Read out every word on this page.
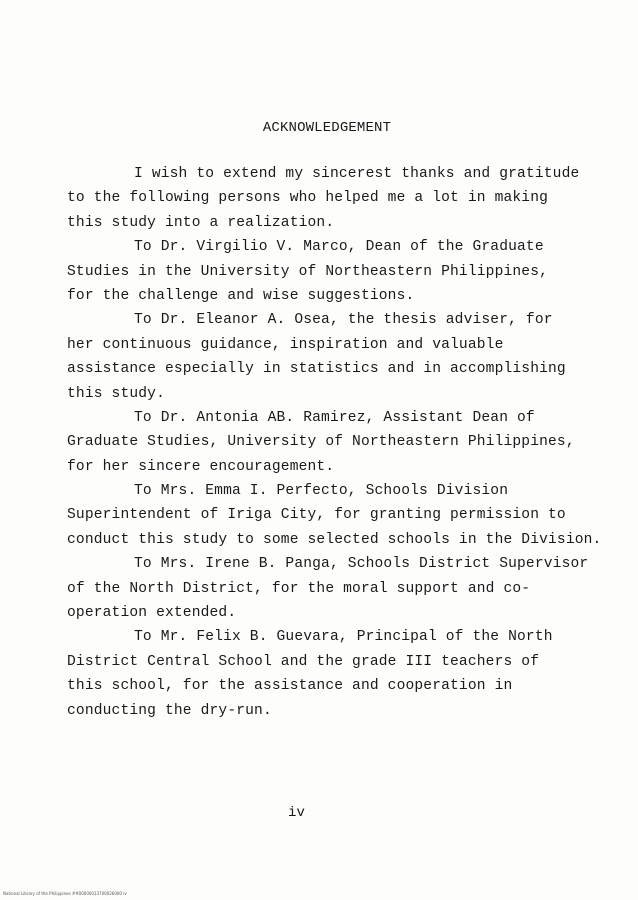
ACKNOWLEDGEMENT
I wish to extend my sincerest thanks and gratitude
to the following persons who helped me a lot in making
this study into a realization.
To Dr. Virgilio V. Marco, Dean of the Graduate
Studies in the University of Northeastern Philippines,
for the challenge and wise suggestions.
To Dr. Eleanor A. Osea, the thesis adviser, for
her continuous guidance, inspiration and valuable
assistance especially in statistics and in accomplishing
this study.
To Dr. Antonia AB. Ramirez, Assistant Dean of
Graduate Studies, University of Northeastern Philippines,
for her sincere encouragement.
To Mrs. Emma I. Perfecto, Schools Division
Superintendent of Iriga City, for granting permission to
conduct this study to some selected schools in the Division.
To Mrs. Irene B. Panga, Schools District Supervisor
of the North District, for the moral support and co-
operation extended.
To Mr. Felix B. Guevara, Principal of the North
District Central School and the grade III teachers of
this school, for the assistance and cooperation in
conducting the dry-run.
iv
National Library of the Philippines ##00000013700026000 iv
